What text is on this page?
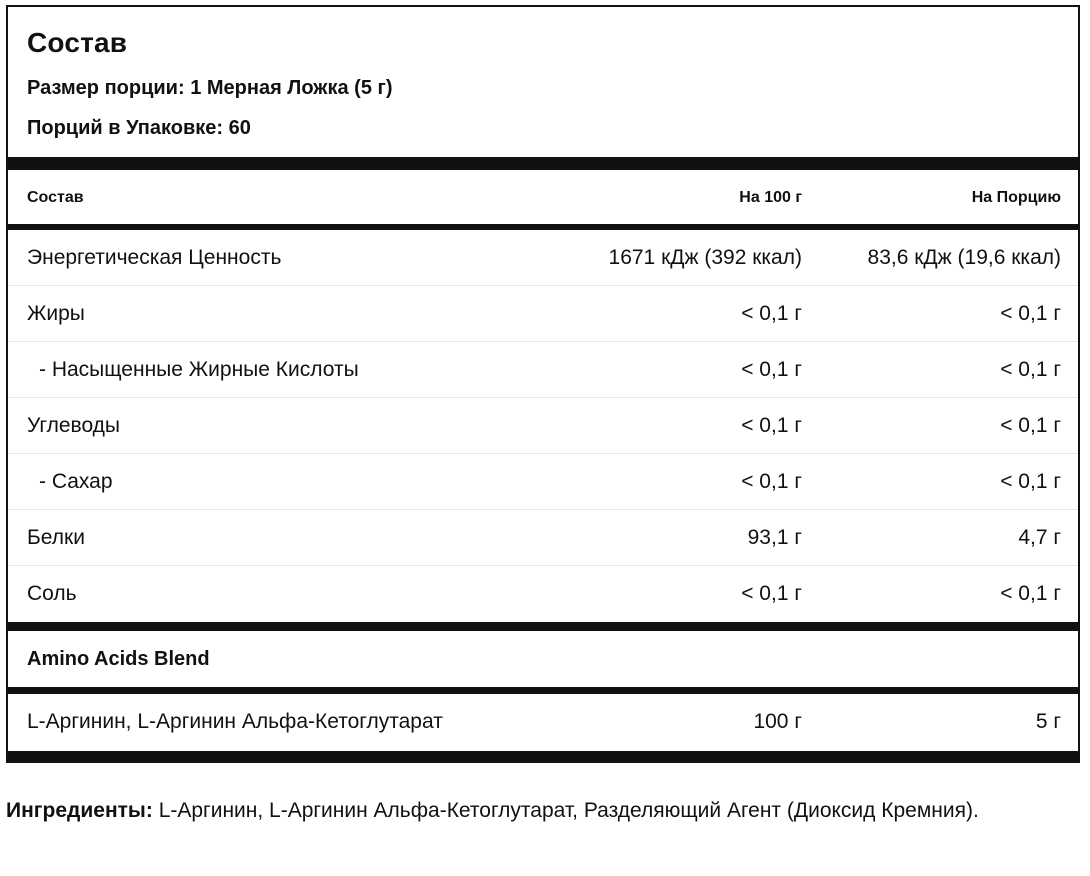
Состав
Размер порции: 1 Мерная Ложка (5 г)
Порций в Упаковке: 60
Состав	На 100 г	На Порцию
Энергетическая Ценность	1671 кДж (392 ккал)	83,6 кДж (19,6 ккал)
Жиры	< 0,1 г	< 0,1 г
- Насыщенные Жирные Кислоты	< 0,1 г	< 0,1 г
Углеводы	< 0,1 г	< 0,1 г
- Сахар	< 0,1 г	< 0,1 г
Белки	93,1 г	4,7 г
Соль	< 0,1 г	< 0,1 г
Amino Acids Blend
L-Аргинин, L-Аргинин Альфа-Кетоглутарат	100 г	5 г
Ингредиенты: L-Аргинин, L-Аргинин Альфа-Кетоглутарат, Разделяющий Агент (Диоксид Кремния).
